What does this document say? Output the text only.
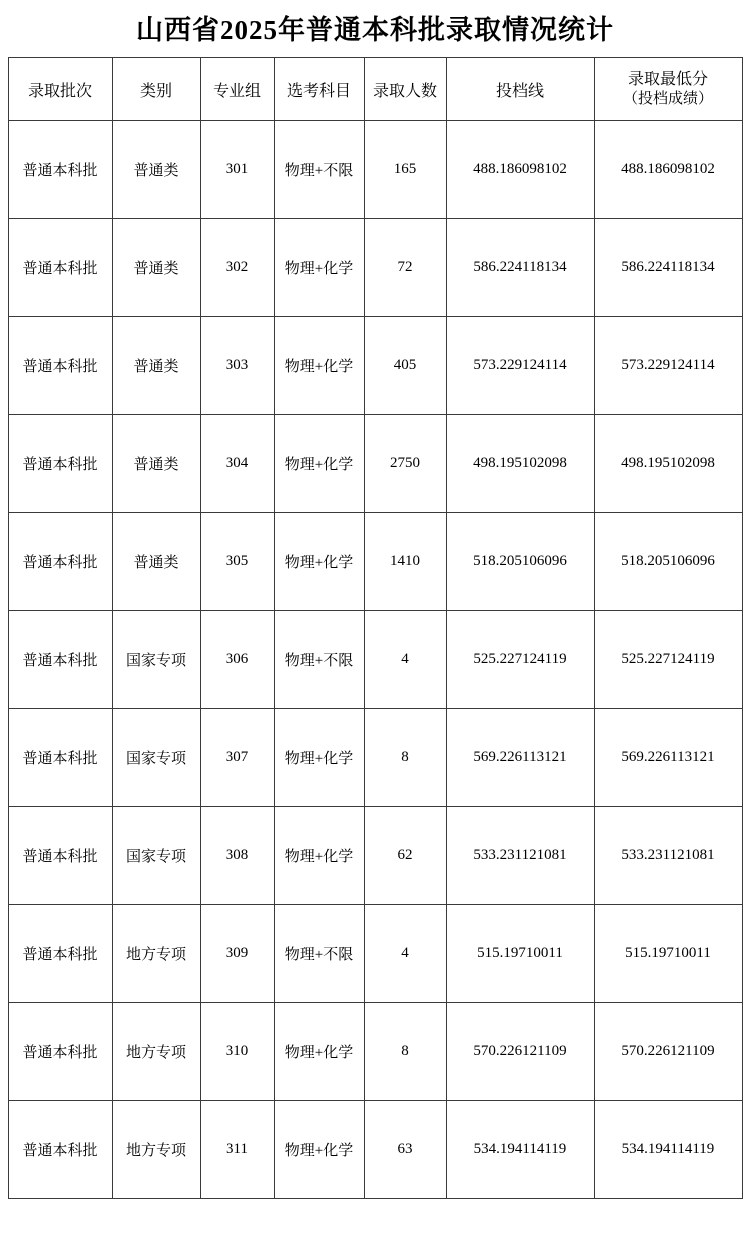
山西省2025年普通本科批录取情况统计
录取批次	类别	专业组	选考科目	录取人数	投档线	录取最低分
（投档成绩）

普通本科批	普通类	301	物理+不限	165	488.186098102	488.186098102
普通本科批	普通类	302	物理+化学	72	586.224118134	586.224118134
普通本科批	普通类	303	物理+化学	405	573.229124114	573.229124114
普通本科批	普通类	304	物理+化学	2750	498.195102098	498.195102098
普通本科批	普通类	305	物理+化学	1410	518.205106096	518.205106096
普通本科批	国家专项	306	物理+不限	4	525.227124119	525.227124119
普通本科批	国家专项	307	物理+化学	8	569.226113121	569.226113121
普通本科批	国家专项	308	物理+化学	62	533.231121081	533.231121081
普通本科批	地方专项	309	物理+不限	4	515.19710011	515.19710011
普通本科批	地方专项	310	物理+化学	8	570.226121109	570.226121109
普通本科批	地方专项	311	物理+化学	63	534.194114119	534.194114119
